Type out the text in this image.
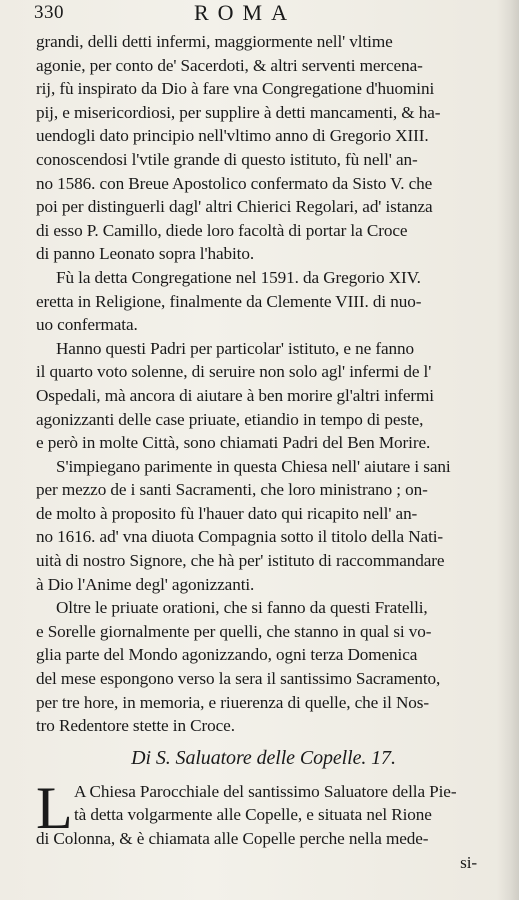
330	ROMA
grandi, delli detti infermi, maggiormente nell' vltime
agonie, per conto de' Sacerdoti, & altri serventi mercena-
rij, fù inspirato da Dio à fare vna Congregatione d'huomini
pij, e misericordiosi, per supplire à detti mancamenti, & ha-
uendogli dato principio nell'vltimo anno di Gregorio XIII.
conoscendosi l'vtile grande di questo istituto, fù nell' an-
no 1586. con Breue Apostolico confermato da Sisto V. che
poi per distinguerli dagl' altri Chierici Regolari, ad' istanza
di esso P. Camillo, diede loro facoltà di portar la Croce
di panno Leonato sopra l'habito.
Fù la detta Congregatione nel 1591. da Gregorio XIV.
eretta in Religione, finalmente da Clemente VIII. di nuo-
uo confermata.
Hanno questi Padri per particolar' istituto, e ne fanno
il quarto voto solenne, di seruire non solo agl' infermi de l'
Ospedali, mà ancora di aiutare à ben morire gl'altri infermi
agonizzanti delle case priuate, etiandio in tempo di peste,
e però in molte Città, sono chiamati Padri del Ben Morire.
S'impiegano parimente in questa Chiesa nell' aiutare i sani
per mezzo de i santi Sacramenti, che loro ministrano ; on-
de molto à proposito fù l'hauer dato qui ricapito nell' an-
no 1616. ad' vna diuota Compagnia sotto il titolo della Nati-
uità di nostro Signore, che hà per' istituto di raccommandare
à Dio l'Anime degl' agonizzanti.
Oltre le priuate orationi, che si fanno da questi Fratelli,
e Sorelle giornalmente per quelli, che stanno in qual si vo-
glia parte del Mondo agonizzando, ogni terza Domenica
del mese espongono verso la sera il santissimo Sacramento,
per tre hore, in memoria, e riuerenza di quelle, che il Nos-
tro Redentore stette in Croce.
Di S. Saluatore delle Copelle. 17.
L A Chiesa Parocchiale del santissimo Saluatore della Pie-
tà detta volgarmente alle Copelle, e situata nel Rione
di Colonna, & è chiamata alle Copelle perche nella mede-
si-
